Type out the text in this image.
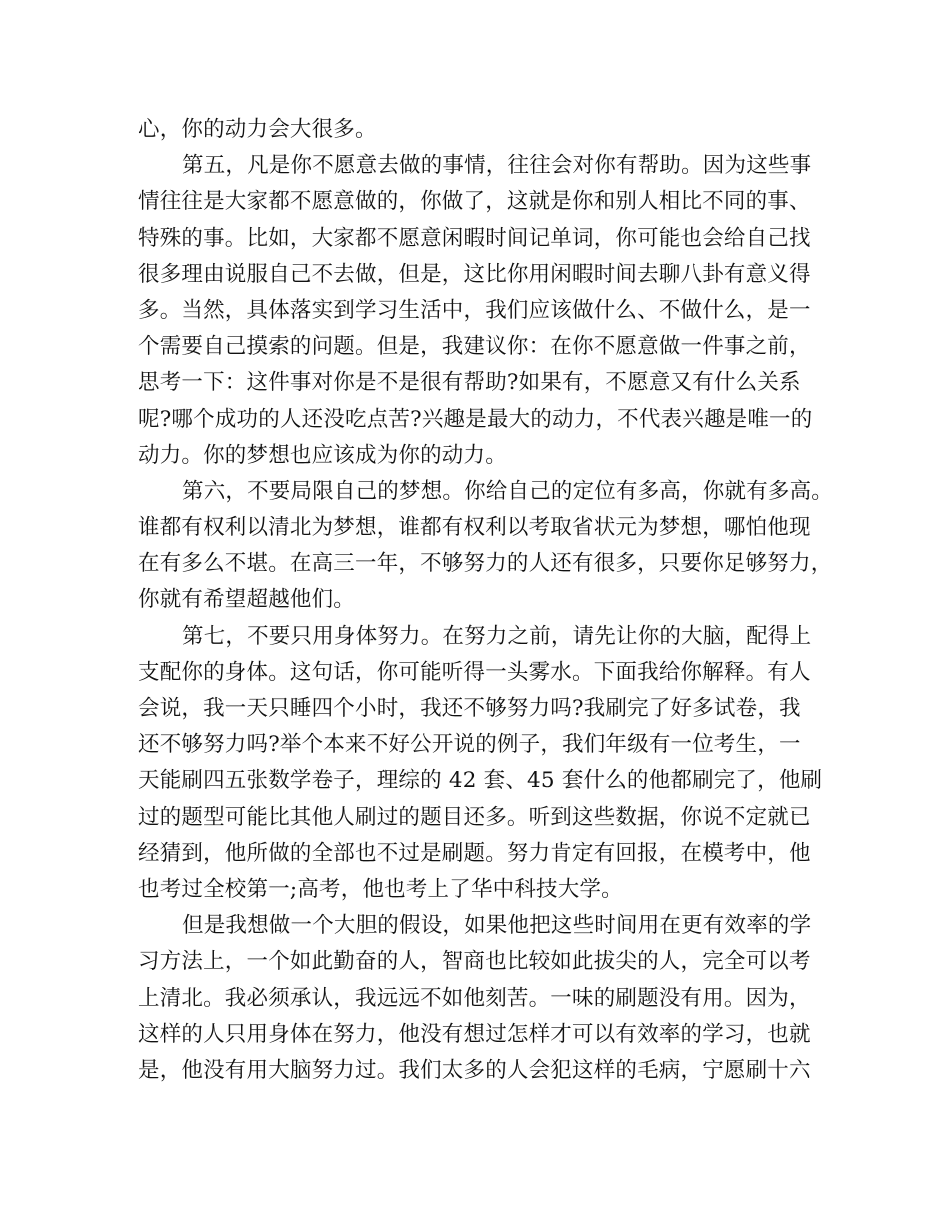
心，你的动力会大很多。
第五，凡是你不愿意去做的事情，往往会对你有帮助。因为这些事
情往往是大家都不愿意做的，你做了，这就是你和别人相比不同的事、
特殊的事。比如，大家都不愿意闲暇时间记单词，你可能也会给自己找
很多理由说服自己不去做，但是，这比你用闲暇时间去聊八卦有意义得
多。当然，具体落实到学习生活中，我们应该做什么、不做什么，是一
个需要自己摸索的问题。但是，我建议你：在你不愿意做一件事之前，
思考一下：这件事对你是不是很有帮助?如果有，不愿意又有什么关系
呢?哪个成功的人还没吃点苦?兴趣是最大的动力，不代表兴趣是唯一的
动力。你的梦想也应该成为你的动力。
第六，不要局限自己的梦想。你给自己的定位有多高，你就有多高。
谁都有权利以清北为梦想，谁都有权利以考取省状元为梦想，哪怕他现
在有多么不堪。在高三一年，不够努力的人还有很多，只要你足够努力，
你就有希望超越他们。
第七，不要只用身体努力。在努力之前，请先让你的大脑，配得上
支配你的身体。这句话，你可能听得一头雾水。下面我给你解释。有人
会说，我一天只睡四个小时，我还不够努力吗?我刷完了好多试卷，我
还不够努力吗?举个本来不好公开说的例子，我们年级有一位考生，一
天能刷四五张数学卷子，理综的 42 套、45 套什么的他都刷完了，他刷
过的题型可能比其他人刷过的题目还多。听到这些数据，你说不定就已
经猜到，他所做的全部也不过是刷题。努力肯定有回报，在模考中，他
也考过全校第一;高考，他也考上了华中科技大学。
但是我想做一个大胆的假设，如果他把这些时间用在更有效率的学
习方法上，一个如此勤奋的人，智商也比较如此拔尖的人，完全可以考
上清北。我必须承认，我远远不如他刻苦。一味的刷题没有用。因为，
这样的人只用身体在努力，他没有想过怎样才可以有效率的学习，也就
是，他没有用大脑努力过。我们太多的人会犯这样的毛病，宁愿刷十六
